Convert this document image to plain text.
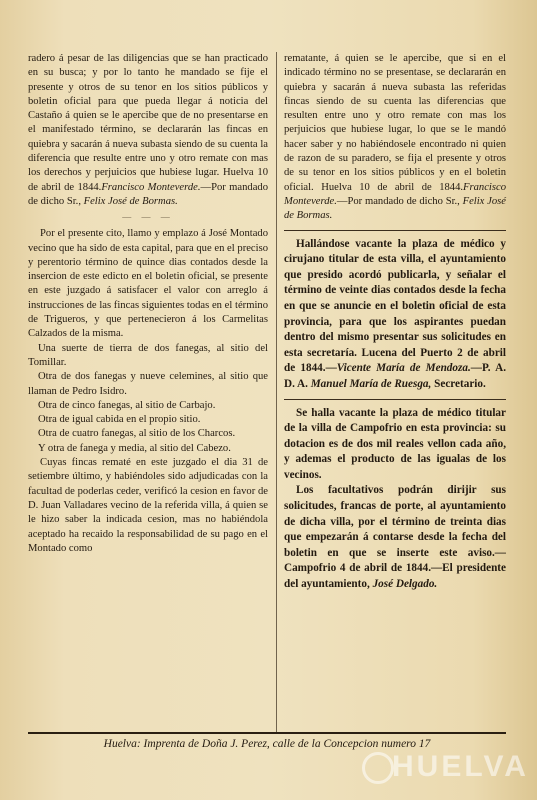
radero á pesar de las diligencias que se han practicado en su busca; y por lo tanto he mandado se fije el presente y otros de su tenor en los sitios públicos y boletin oficial para que pueda llegar á noticia del Castaño á quien se le apercibe que de no presentarse en el manifestado término, se declararán las fincas en quiebra y sacarán á nueva subasta siendo de su cuenta la diferencia que resulte entre uno y otro remate con mas los derechos y perjuicios que hubiese lugar. Huelva 10 de abril de 1844.Francisco Monteverde.—Por mandado de dicho Sr., Felix José de Bormas.

— — —

Por el presente cito, llamo y emplazo á José Montado vecino que ha sido de esta capital, para que en el preciso y perentorio término de quince dias contados desde la insercion de este edicto en el boletin oficial, se presente en este juzgado á satisfacer el valor con arreglo á instrucciones de las fincas siguientes todas en el término de Trigueros, y que pertenecieron á los Carmelitas Calzados de la misma.

Una suerte de tierra de dos fanegas, al sitio del Tomillar.

Otra de dos fanegas y nueve celemines, al sitio que llaman de Pedro Isidro.

Otra de cinco fanegas, al sitio de Carbajo.

Otra de igual cabida en el propio sitio.

Otra de cuatro fanegas, al sitio de los Charcos.

Y otra de fanega y media, al sitio del Cabezo.

Cuyas fincas rematé en este juzgado el dia 31 de setiembre último, y habiéndoles sido adjudicadas con la facultad de poderlas ceder, verificó la cesion en favor de D. Juan Valladares vecino de la referida villa, á quien se le hizo saber la indicada cesion, mas no habiéndola aceptado ha recaido la responsabilidad de su pago en el Montado como

rematante, á quien se le apercibe, que si en el indicado término no se presentase, se declararán en quiebra y sacarán á nueva subasta las referidas fincas siendo de su cuenta las diferencias que resulten entre uno y otro remate con mas los perjuicios que hubiese lugar, lo que se le mandó hacer saber y no habiéndosele encontrado ni quien de razon de su paradero, se fija el presente y otros de su tenor en los sitios públicos y en el boletin oficial. Huelva 10 de abril de 1844.Francisco Monteverde.—Por mandado de dicho Sr., Felix José de Bormas.

Hallándose vacante la plaza de médico y cirujano titular de esta villa, el ayuntamiento que presido acordó publicarla, y señalar el término de veinte dias contados desde la fecha en que se anuncie en el boletin oficial de esta provincia, para que los aspirantes puedan dentro del mismo presentar sus solicitudes en esta secretaría. Lucena del Puerto 2 de abril de 1844.—Vicente María de Mendoza.—P. A. D. A. Manuel María de Ruesga, Secretario.

Se halla vacante la plaza de médico titular de la villa de Campofrio en esta provincia: su dotacion es de dos mil reales vellon cada año, y ademas el producto de las igualas de los vecinos.

Los facultativos podrán dirijir sus solicitudes, francas de porte, al ayuntamiento de dicha villa, por el término de treinta dias que empezarán á contarse desde la fecha del boletin en que se inserte este aviso.—Campofrio 4 de abril de 1844.—El presidente del ayuntamiento, José Delgado.

Huelva: Imprenta de Doña J. Perez, calle de la Concepcion numero 17
HUELVA
